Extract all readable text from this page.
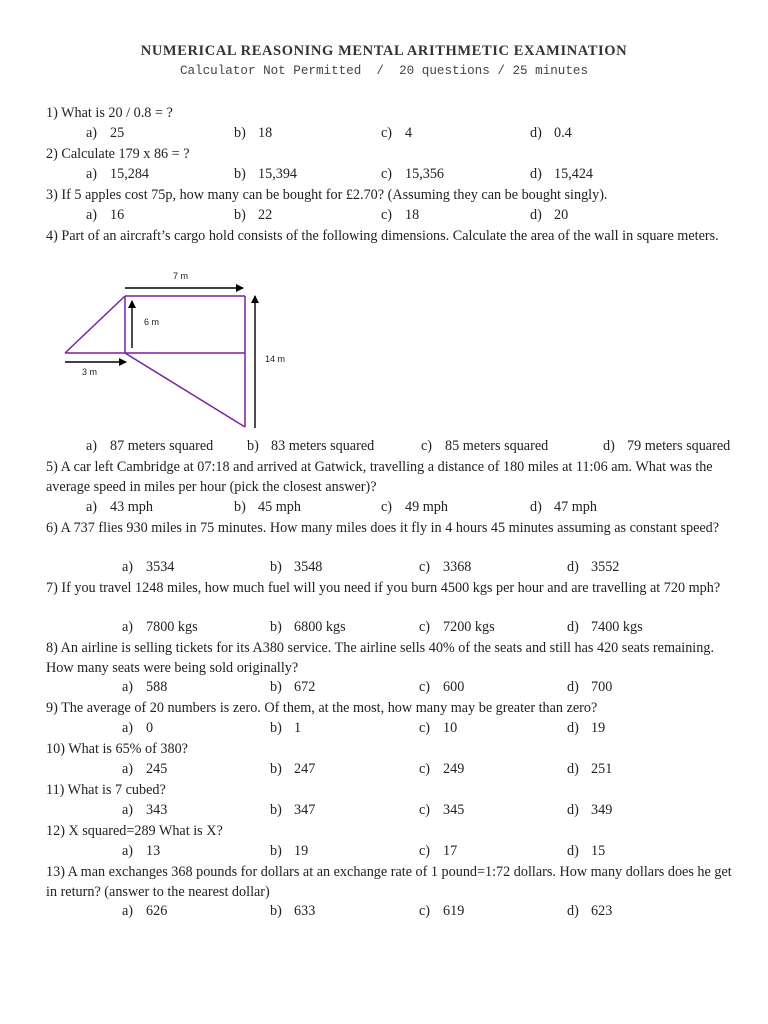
NUMERICAL REASONING MENTAL ARITHMETIC EXAMINATION
Calculator Not Permitted  /  20 questions / 25 minutes
1) What is 20 / 0.8 = ?
a) 25	b) 18	c) 4	d) 0.4
2) Calculate 179 x 86 = ?
a) 15,284	b) 15,394	c) 15,356	d) 15,424
3) If 5 apples cost 75p, how many can be bought for £2.70? (Assuming they can be bought singly).
a) 16	b) 22	c) 18	d) 20
4) Part of an aircraft’s cargo hold consists of the following dimensions. Calculate the area of the wall in square meters.
7 m
6 m
14 m
3 m
a) 87 meters squared b) 83 meters squared	c) 85 meters squared	d) 79 meters squared
5) A car left Cambridge at 07:18 and arrived at Gatwick, travelling a distance of 180 miles at 11:06 am. What was the average speed in miles per hour (pick the closest answer)?
a) 43 mph	b) 45 mph	c) 49 mph	d) 47 mph
6) A 737 flies 930 miles in 75 minutes. How many miles does it fly in 4 hours 45 minutes assuming as constant speed?
a) 3534	b) 3548	c) 3368	d) 3552
7) If you travel 1248 miles, how much fuel will you need if you burn 4500 kgs per hour and are travelling at 720 mph?
a) 7800 kgs	b) 6800 kgs	c) 7200 kgs	d) 7400 kgs
8) An airline is selling tickets for its A380 service. The airline sells 40% of the seats and still has 420 seats remaining. How many seats were being sold originally?
a) 588	b) 672	c) 600	d) 700
9) The average of 20 numbers is zero. Of them, at the most, how many may be greater than zero?
a) 0	b) 1	c) 10	d) 19
10) What is 65% of 380?
a) 245	b) 247	c) 249	d) 251
11) What is 7 cubed?
a) 343	b) 347	c) 345	d) 349
12) X squared=289 What is X?
a) 13	b) 19	c) 17	d) 15
13) A man exchanges 368 pounds for dollars at an exchange rate of 1 pound=1:72 dollars. How many dollars does he get in return? (answer to the nearest dollar)
a) 626	b) 633	c) 619	d) 623
